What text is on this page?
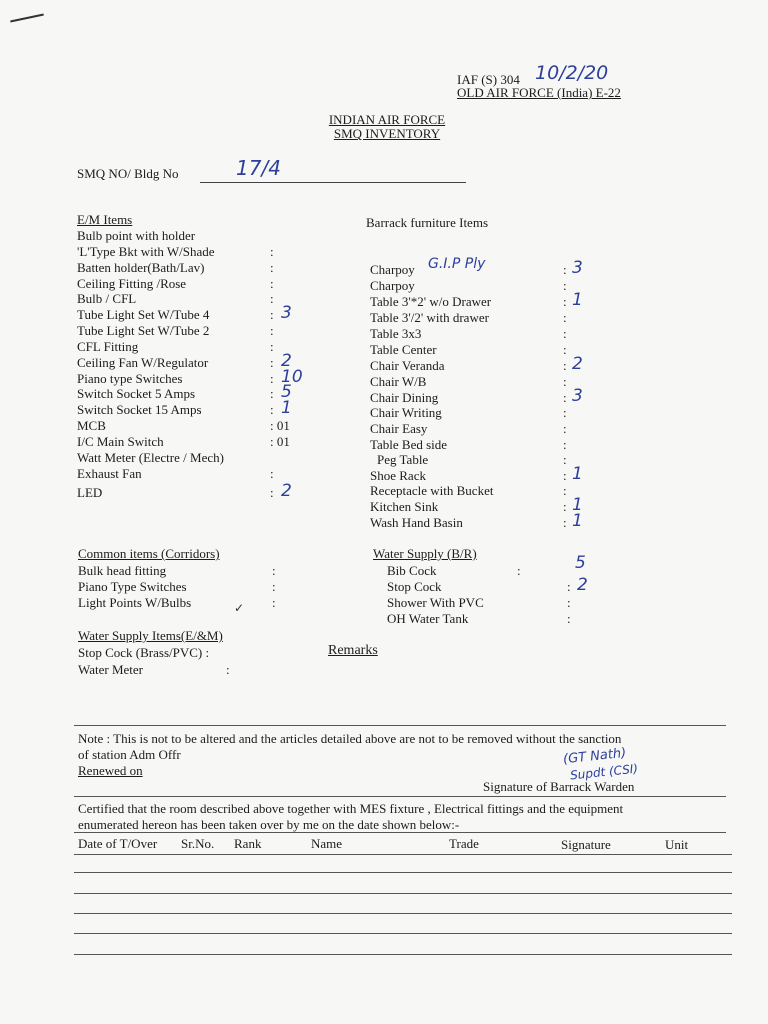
IAF (S) 304 10/2/20
OLD AIR FORCE (India) E-22
INDIAN AIR FORCE
SMQ INVENTORY
SMQ NO/ Bldg No	17/4
E/M Items
Bulb point with holder
'L'Type Bkt with W/Shade	:
Batten holder(Bath/Lav)	:
Ceiling Fitting /Rose	:
Bulb / CFL	:
Tube Light Set W/Tube 4	: 3
Tube Light Set W/Tube 2	:
CFL Fitting	:
Ceiling Fan W/Regulator	: 2
Piano type Switches	: 10
Switch Socket 5 Amps	: 5
Switch Socket 15 Amps	: 1
MCB	: 01
I/C Main Switch	: 01
Watt Meter (Electre / Mech)
Exhaust Fan	:
LED	: 2
Barrack furniture Items
Charpoy G.I.P Ply	: 3
Charpoy	:
Table 3'*2' w/o Drawer	: 1
Table 3'/2' with drawer	:
Table 3x3	:
Table Center	:
Chair Veranda	: 2
Chair W/B	:
Chair Dining	: 3
Chair Writing	:
Chair Easy	:
Table Bed side	:
Peg Table	:
Shoe Rack	: 1
Receptacle with Bucket	:
Kitchen Sink	: 1
Wash Hand Basin	: 1
Common items (Corridors)
Bulk head fitting	:
Piano Type Switches	:
Light Points W/Bulbs	:
✓
Water Supply Items(E/&M)
Stop Cock (Brass/PVC) :
Water Meter	:
Water Supply (B/R)
Bib Cock	:	5
Stop Cock	: 2
Shower With PVC	:
OH Water Tank	:
Remarks
Note : This is not to be altered and the articles detailed above are not to be removed without the sanction
of station Adm Offr
Renewed on
(GT Nath)
Supdt (CSI)
Signature of Barrack Warden
Certified that the room described above together with MES fixture , Electrical fittings and the equipment
enumerated hereon has been taken over by me on the date shown below:-
Date of T/Over Sr.No. Rank	Name	Trade	Signature	Unit
